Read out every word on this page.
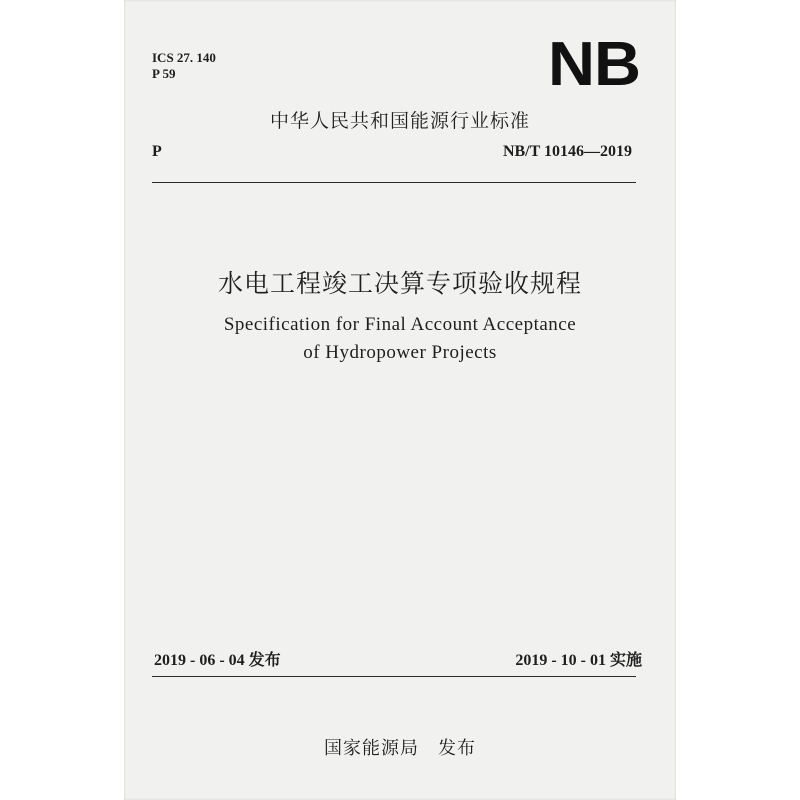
ICS 27. 140
P 59	NB
中华人民共和国能源行业标准
P	NB/T 10146—2019
水电工程竣工决算专项验收规程
Specification for Final Account Acceptance
of Hydropower Projects
2019 - 06 - 04 发布	2019 - 10 - 01 实施
国家能源局　发布
